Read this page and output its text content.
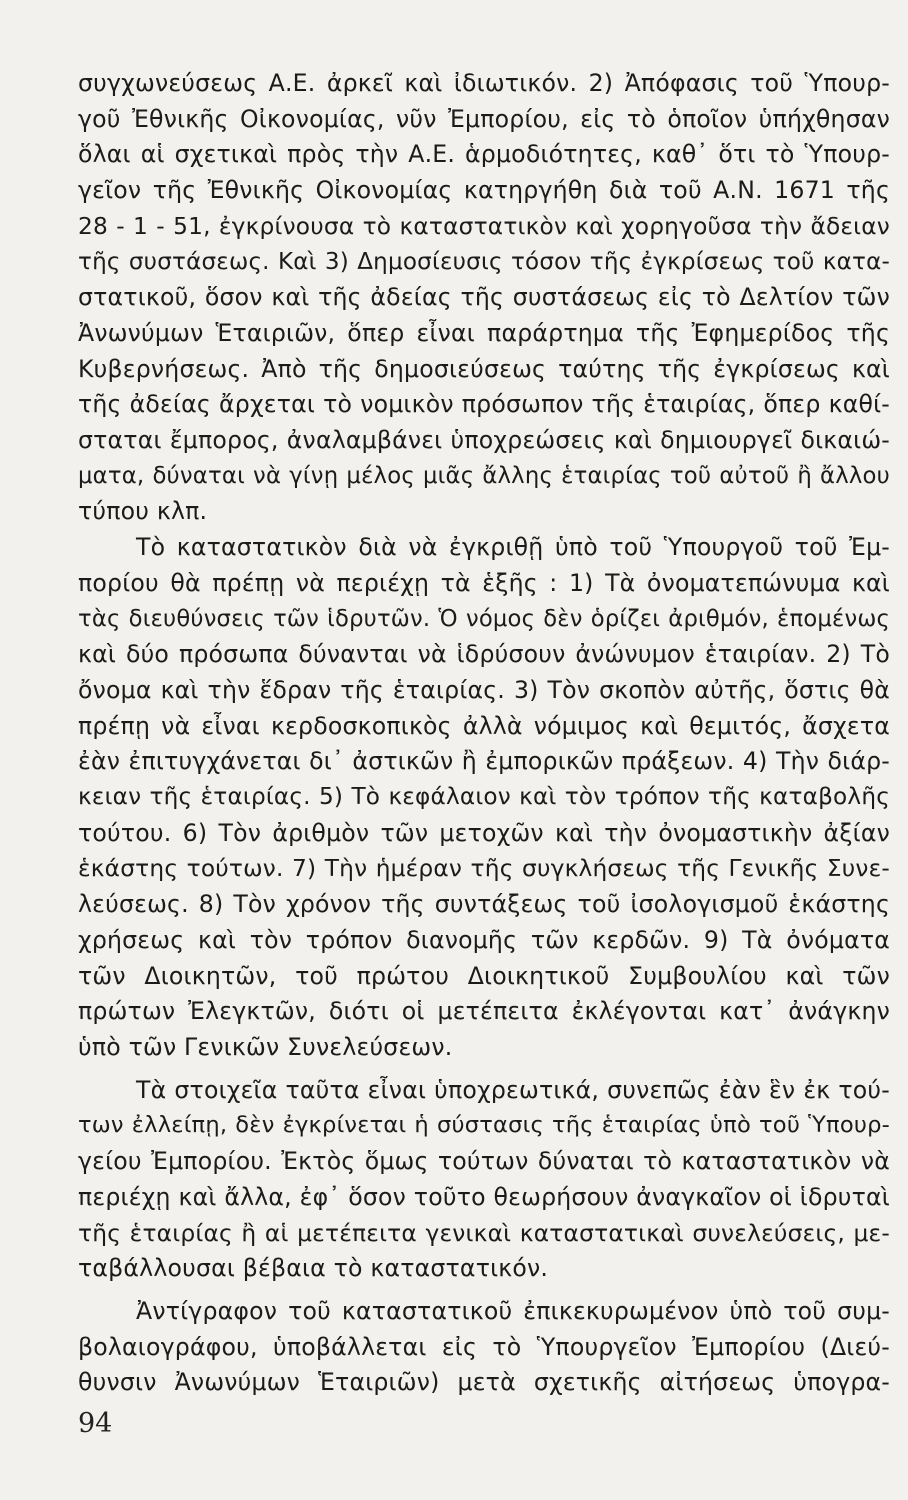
συγχωνεύσεως Α.Ε. ἀρκεῖ καὶ ἰδιωτικόν. 2) Ἀπόφασις τοῦ Ὑπουρ-
γοῦ Ἐθνικῆς Οἰκονομίας, νῦν Ἐμπορίου, εἰς τὸ ὁποῖον ὑπήχθησαν
ὅλαι αἱ σχετικαὶ πρὸς τὴν Α.Ε. ἁρμοδιότητες, καθ᾽ ὅτι τὸ Ὑπουρ-
γεῖον τῆς Ἐθνικῆς Οἰκονομίας κατηργήθη διὰ τοῦ Α.Ν. 1671 τῆς
28 - 1 - 51, ἐγκρίνουσα τὸ καταστατικὸν καὶ χορηγοῦσα τὴν ἄδειαν
τῆς συστάσεως. Καὶ 3) Δημοσίευσις τόσον τῆς ἐγκρίσεως τοῦ κατα-
στατικοῦ, ὅσον καὶ τῆς ἀδείας τῆς συστάσεως εἰς τὸ Δελτίον τῶν
Ἀνωνύμων Ἑταιριῶν, ὅπερ εἶναι παράρτημα τῆς Ἐφημερίδος τῆς
Κυβερνήσεως. Ἀπὸ τῆς δημοσιεύσεως ταύτης τῆς ἐγκρίσεως καὶ
τῆς ἀδείας ἄρχεται τὸ νομικὸν πρόσωπον τῆς ἑταιρίας, ὅπερ καθί-
σταται ἔμπορος, ἀναλαμβάνει ὑποχρεώσεις καὶ δημιουργεῖ δικαιώ-
ματα, δύναται νὰ γίνῃ μέλος μιᾶς ἄλλης ἑταιρίας τοῦ αὐτοῦ ἢ ἄλλου
τύπου κλπ.
Τὸ καταστατικὸν διὰ νὰ ἐγκριθῇ ὑπὸ τοῦ Ὑπουργοῦ τοῦ Ἐμ-
πορίου θὰ πρέπῃ νὰ περιέχῃ τὰ ἑξῆς : 1) Τὰ ὀνοματεπώνυμα καὶ
τὰς διευθύνσεις τῶν ἱδρυτῶν. Ὁ νόμος δὲν ὁρίζει ἀριθμόν, ἑπομένως
καὶ δύο πρόσωπα δύνανται νὰ ἱδρύσουν ἀνώνυμον ἑταιρίαν. 2) Τὸ
ὄνομα καὶ τὴν ἕδραν τῆς ἑταιρίας. 3) Τὸν σκοπὸν αὐτῆς, ὅστις θὰ
πρέπῃ νὰ εἶναι κερδοσκοπικὸς ἀλλὰ νόμιμος καὶ θεμιτός, ἄσχετα
ἐὰν ἐπιτυγχάνεται δι᾽ ἀστικῶν ἢ ἐμπορικῶν πράξεων. 4) Τὴν διάρ-
κειαν τῆς ἑταιρίας. 5) Τὸ κεφάλαιον καὶ τὸν τρόπον τῆς καταβολῆς
τούτου. 6) Τὸν ἀριθμὸν τῶν μετοχῶν καὶ τὴν ὀνομαστικὴν ἀξίαν
ἑκάστης τούτων. 7) Τὴν ἡμέραν τῆς συγκλήσεως τῆς Γενικῆς Συνε-
λεύσεως. 8) Τὸν χρόνον τῆς συντάξεως τοῦ ἰσολογισμοῦ ἑκάστης
χρήσεως καὶ τὸν τρόπον διανομῆς τῶν κερδῶν. 9) Τὰ ὀνόματα
τῶν Διοικητῶν, τοῦ πρώτου Διοικητικοῦ Συμβουλίου καὶ τῶν
πρώτων Ἐλεγκτῶν, διότι οἱ μετέπειτα ἐκλέγονται κατ᾽ ἀνάγκην
ὑπὸ τῶν Γενικῶν Συνελεύσεων.
Τὰ στοιχεῖα ταῦτα εἶναι ὑποχρεωτικά, συνεπῶς ἐὰν ἓν ἐκ τού-
των ἐλλείπῃ, δὲν ἐγκρίνεται ἡ σύστασις τῆς ἑταιρίας ὑπὸ τοῦ Ὑπουρ-
γείου Ἐμπορίου. Ἐκτὸς ὅμως τούτων δύναται τὸ καταστατικὸν νὰ
περιέχῃ καὶ ἄλλα, ἐφ᾽ ὅσον τοῦτο θεωρήσουν ἀναγκαῖον οἱ ἱδρυταὶ
τῆς ἑταιρίας ἢ αἱ μετέπειτα γενικαὶ καταστατικαὶ συνελεύσεις, με-
ταβάλλουσαι βέβαια τὸ καταστατικόν.
Ἀντίγραφον τοῦ καταστατικοῦ ἐπικεκυρωμένον ὑπὸ τοῦ συμ-
βολαιογράφου, ὑποβάλλεται εἰς τὸ Ὑπουργεῖον Ἐμπορίου (Διεύ-
θυνσιν Ἀνωνύμων Ἑταιριῶν) μετὰ σχετικῆς αἰτήσεως ὑπογρα-
94
